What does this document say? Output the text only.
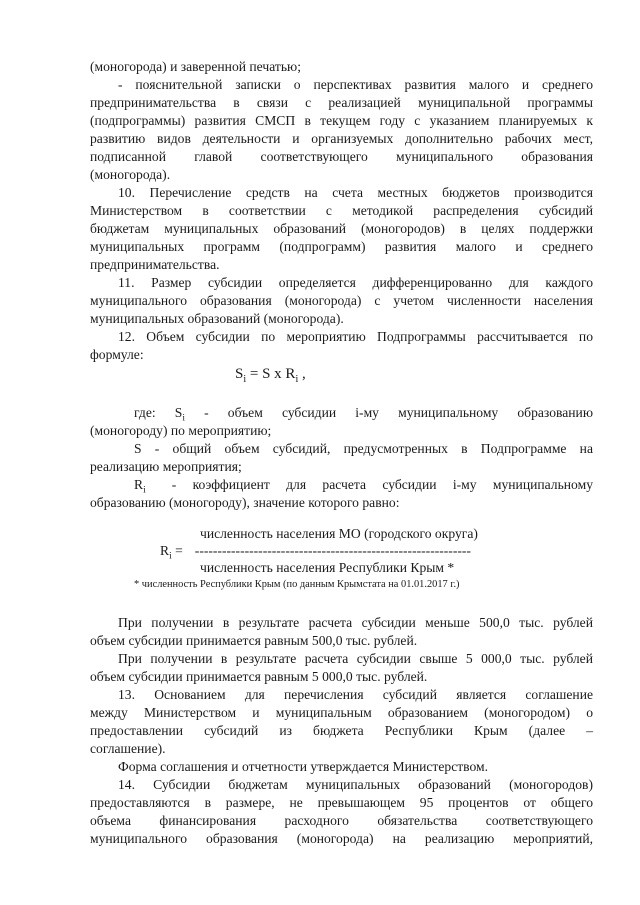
(моногорода) и заверенной печатью;

- пояснительной записки о перспективах развития малого и среднего

предпринимательства в связи с реализацией муниципальной программы

(подпрограммы) развития СМСП в текущем году с указанием планируемых к

развитию видов деятельности и организуемых дополнительно рабочих мест,

подписанной главой соответствующего муниципального образования

(моногорода).

10. Перечисление средств на счета местных бюджетов производится

Министерством в соответствии с методикой распределения субсидий

бюджетам муниципальных образований (моногородов) в целях поддержки

муниципальных программ (подпрограмм) развития малого и среднего

предпринимательства.

11. Размер субсидии определяется дифференцированно для каждого

муниципального образования (моногорода) с учетом численности населения

муниципальных образований (моногорода).

12. Объем субсидии по мероприятию Подпрограммы рассчитывается по

формуле:

$S_i = S$ x $R_i$ ,

где: $S_i$ - объем субсидии i-му муниципальному образованию

(моногороду) по мероприятию;

S - общий объем субсидий, предусмотренных в Подпрограмме на

реализацию мероприятия;

$R_i$ - коэффициент для расчета субсидии i-му муниципальному

образованию (моногороду), значение которого равно:

численность населения МО (городского округа)

$R_i$ = -------------------------------------------------------------

численность населения Республики Крым *

* численность Республики Крым (по данным Крымстата на 01.01.2017 г.)

При получении в результате расчета субсидии меньше 500,0 тыс. рублей

объем субсидии принимается равным 500,0 тыс. рублей.

При получении в результате расчета субсидии свыше 5 000,0 тыс. рублей

объем субсидии принимается равным 5 000,0 тыс. рублей.

13. Основанием для перечисления субсидий является соглашение

между Министерством и муниципальным образованием (моногородом) о

предоставлении субсидий из бюджета Республики Крым (далее –

соглашение).

Форма соглашения и отчетности утверждается Министерством.

14. Субсидии бюджетам муниципальных образований (моногородов)

предоставляются в размере, не превышающем 95 процентов от общего

объема финансирования расходного обязательства соответствующего

муниципального образования (моногорода) на реализацию мероприятий,
